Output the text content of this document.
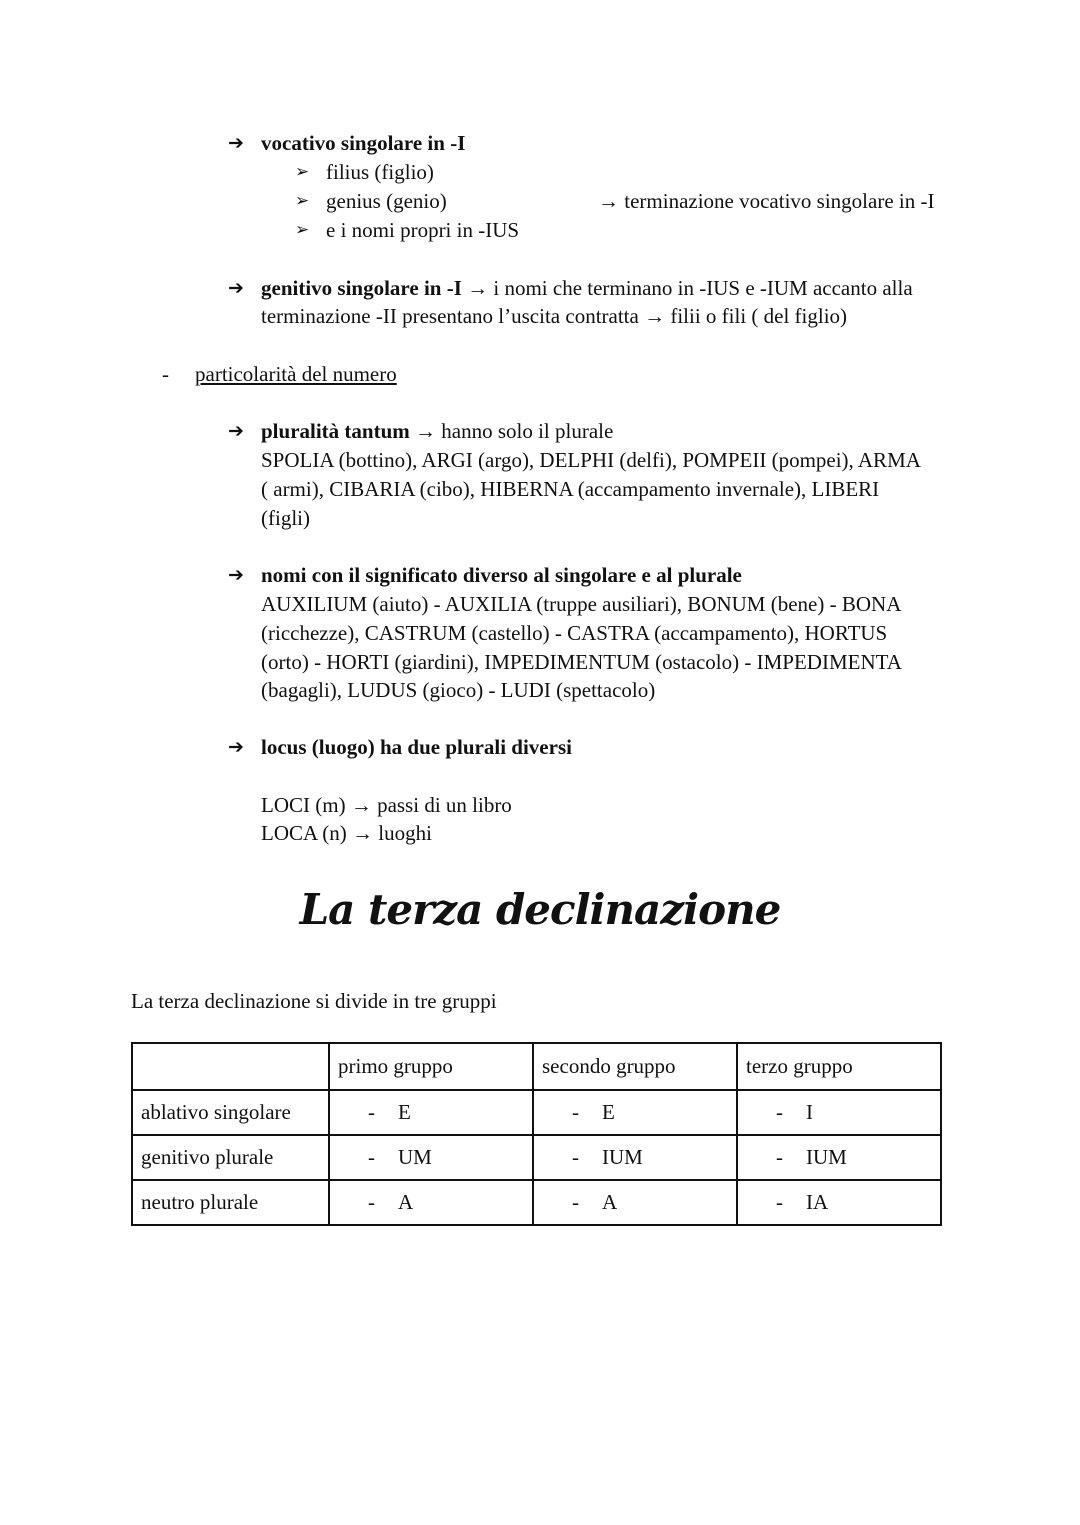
➔ vocativo singolare in -I
➢ filius (figlio)
➢ genius (genio)	→ terminazione vocativo singolare in -I
➢ e i nomi propri in -IUS
➔ genitivo singolare in -I → i nomi che terminano in -IUS e -IUM accanto alla
terminazione -II presentano l’uscita contratta → filii o fili ( del figlio)
- particolarità del numero
➔ pluralità tantum → hanno solo il plurale
SPOLIA (bottino), ARGI (argo), DELPHI (delfi), POMPEII (pompei), ARMA
( armi), CIBARIA (cibo), HIBERNA (accampamento invernale), LIBERI
(figli)
➔ nomi con il significato diverso al singolare e al plurale
AUXILIUM (aiuto) - AUXILIA (truppe ausiliari), BONUM (bene) - BONA
(ricchezze), CASTRUM (castello) - CASTRA (accampamento), HORTUS
(orto) - HORTI (giardini), IMPEDIMENTUM (ostacolo) - IMPEDIMENTA
(bagagli), LUDUS (gioco) - LUDI (spettacolo)
➔ locus (luogo) ha due plurali diversi
LOCI (m) → passi di un libro
LOCA (n) → luoghi
La terza declinazione
La terza declinazione si divide in tre gruppi
	primo gruppo	secondo gruppo	terzo gruppo
ablativo singolare	- E	- E	- I
genitivo plurale	- UM	- IUM	- IUM
neutro plurale	- A	- A	- IA
